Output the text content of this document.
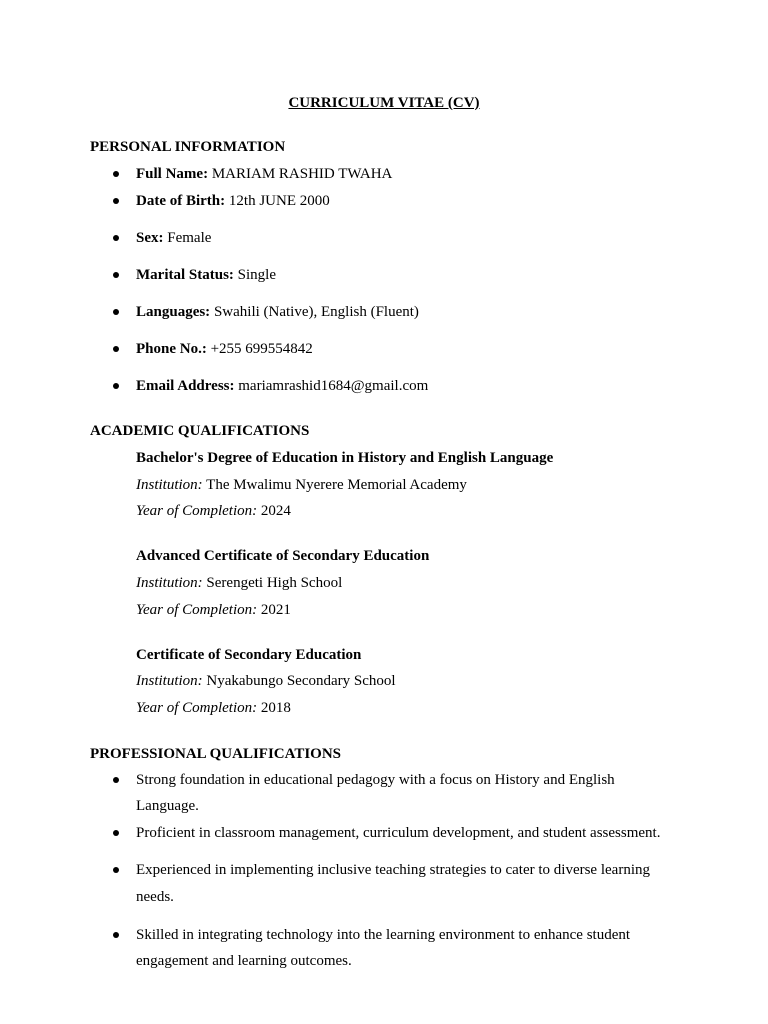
CURRICULUM VITAE (CV)
PERSONAL INFORMATION
Full Name: MARIAM RASHID TWAHA
Date of Birth: 12th JUNE 2000
Sex: Female
Marital Status: Single
Languages: Swahili (Native), English (Fluent)
Phone No.: +255 699554842
Email Address: mariamrashid1684@gmail.com
ACADEMIC QUALIFICATIONS
Bachelor's Degree of Education in History and English Language
Institution: The Mwalimu Nyerere Memorial Academy
Year of Completion: 2024
Advanced Certificate of Secondary Education
Institution: Serengeti High School
Year of Completion: 2021
Certificate of Secondary Education
Institution: Nyakabungo Secondary School
Year of Completion: 2018
PROFESSIONAL QUALIFICATIONS
Strong foundation in educational pedagogy with a focus on History and English
Language.
Proficient in classroom management, curriculum development, and student assessment.
Experienced in implementing inclusive teaching strategies to cater to diverse learning
needs.
Skilled in integrating technology into the learning environment to enhance student
engagement and learning outcomes.
